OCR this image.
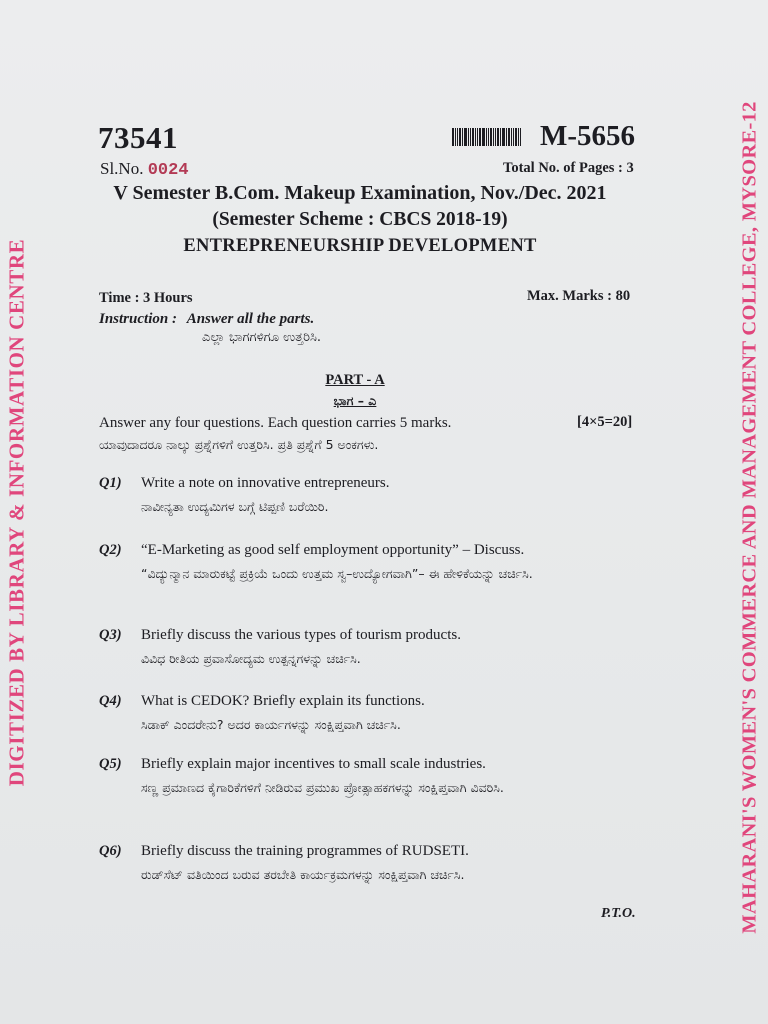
DIGITIZED BY LIBRARY & INFORMATION CENTRE	MAHARANI'S WOMEN'S COMMERCE AND MANAGEMENT COLLEGE, MYSORE-12
73541	M-5656
Sl.No. 0024	Total No. of Pages : 3
V Semester B.Com. Makeup Examination, Nov./Dec. 2021
(Semester Scheme : CBCS 2018-19)
ENTREPRENEURSHIP DEVELOPMENT
Time : 3 Hours	Max. Marks : 80
Instruction : Answer all the parts.
ಎಲ್ಲಾ ಭಾಗಗಳಿಗೂ ಉತ್ತರಿಸಿ.
PART - A
ಭಾಗ – ಎ
Answer any four questions. Each question carries 5 marks.	[4×5=20]
ಯಾವುದಾದರೂ ನಾಲ್ಕು ಪ್ರಶ್ನೆಗಳಿಗೆ ಉತ್ತರಿಸಿ. ಪ್ರತಿ ಪ್ರಶ್ನೆಗೆ 5 ಅಂಕಗಳು.
Q1) Write a note on innovative entrepreneurs.
ನಾವೀನ್ಯತಾ ಉದ್ಯಮಿಗಳ ಬಗ್ಗೆ ಟಿಪ್ಪಣಿ ಬರೆಯಿರಿ.
Q2) “E-Marketing as good self employment opportunity” – Discuss.
“ವಿದ್ಯುನ್ಮಾನ ಮಾರುಕಟ್ಟೆ ಪ್ರಕ್ರಿಯೆ ಒಂದು ಉತ್ತಮ ಸ್ವ–ಉದ್ಯೋಗವಾಗಿ”– ಈ ಹೇಳಿಕೆಯನ್ನು ಚರ್ಚಿಸಿ.
Q3) Briefly discuss the various types of tourism products.
ವಿವಿಧ ರೀತಿಯ ಪ್ರವಾಸೋದ್ಯಮ ಉತ್ಪನ್ನಗಳನ್ನು ಚರ್ಚಿಸಿ.
Q4) What is CEDOK? Briefly explain its functions.
ಸಿಡಾಕ್ ಎಂದರೇನು? ಅದರ ಕಾರ್ಯಗಳನ್ನು ಸಂಕ್ಷಿಪ್ತವಾಗಿ ಚರ್ಚಿಸಿ.
Q5) Briefly explain major incentives to small scale industries.
ಸಣ್ಣ ಪ್ರಮಾಣದ ಕೈಗಾರಿಕೆಗಳಿಗೆ ನೀಡಿರುವ ಪ್ರಮುಖ ಪ್ರೋತ್ಸಾಹಕಗಳನ್ನು ಸಂಕ್ಷಿಪ್ತವಾಗಿ ವಿವರಿಸಿ.
Q6) Briefly discuss the training programmes of RUDSETI.
ರುಡ್‌ಸೆಟ್ ವತಿಯಿಂದ ಬರುವ ತರಬೇತಿ ಕಾರ್ಯಕ್ರಮಗಳನ್ನು ಸಂಕ್ಷಿಪ್ತವಾಗಿ ಚರ್ಚಿಸಿ.
P.T.O.
